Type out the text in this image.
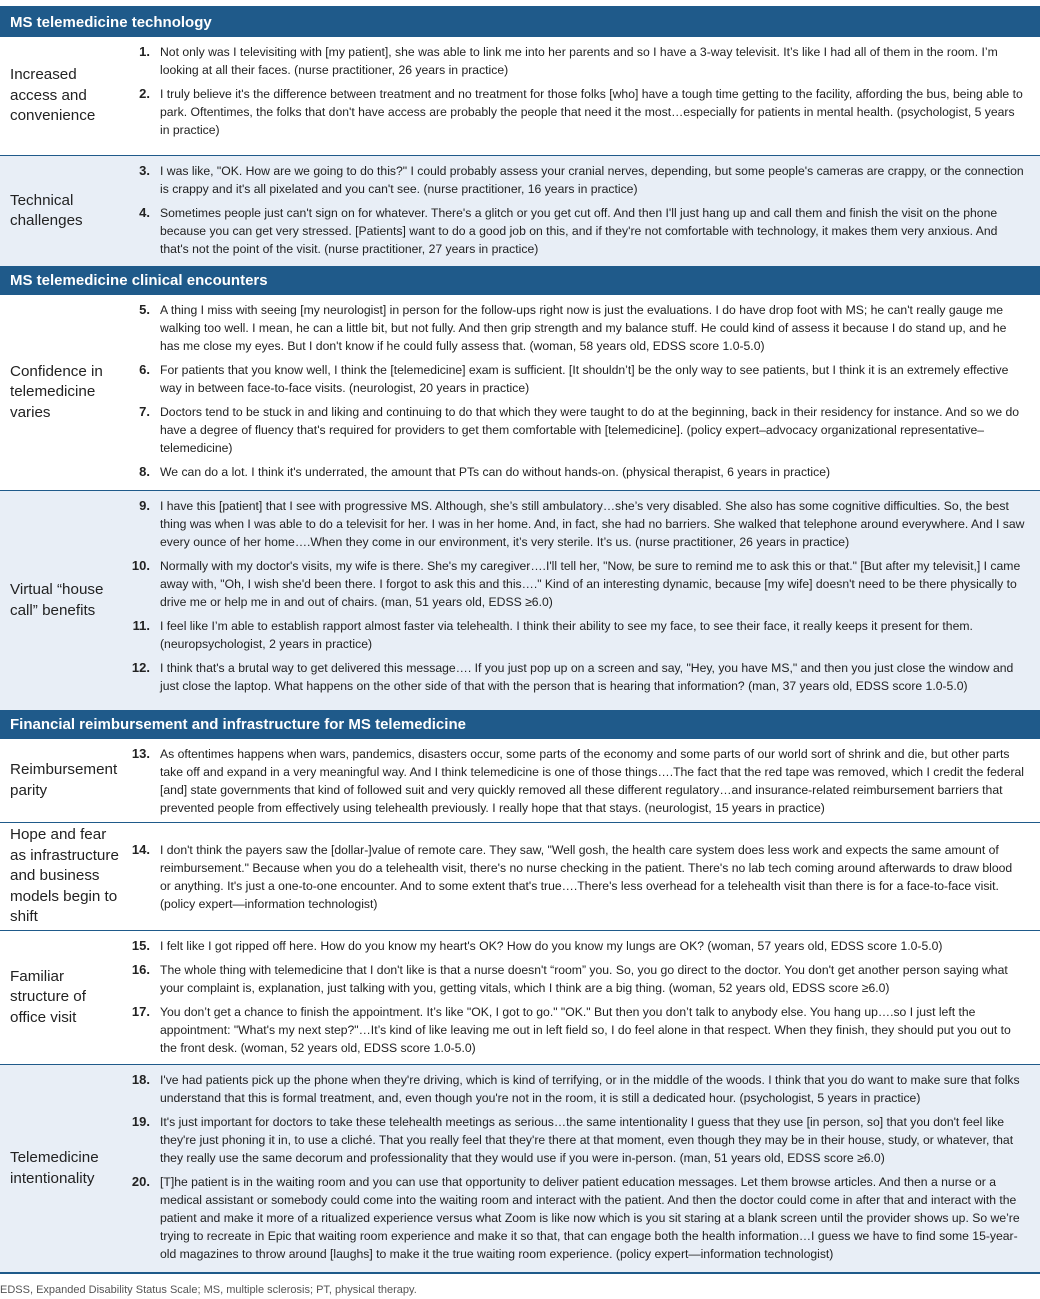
MS telemedicine technology
Increased access and convenience
1. Not only was I televisiting with [my patient], she was able to link me into her parents and so I have a 3-way televisit. It’s like I had all of them in the room. I’m looking at all their faces. (nurse practitioner, 26 years in practice)
2. I truly believe it's the difference between treatment and no treatment for those folks [who] have a tough time getting to the facility, affording the bus, being able to park. Oftentimes, the folks that don't have access are probably the people that need it the most…especially for patients in mental health. (psychologist, 5 years in practice)
Technical challenges
3. I was like, "OK. How are we going to do this?" I could probably assess your cranial nerves, depending, but some people's cameras are crappy, or the connection is crappy and it's all pixelated and you can't see. (nurse practitioner, 16 years in practice)
4. Sometimes people just can't sign on for whatever. There's a glitch or you get cut off. And then I'll just hang up and call them and finish the visit on the phone because you can get very stressed. [Patients] want to do a good job on this, and if they're not comfortable with technology, it makes them very anxious. And that's not the point of the visit. (nurse practitioner, 27 years in practice)
MS telemedicine clinical encounters
Confidence in telemedicine varies
5. A thing I miss with seeing [my neurologist] in person for the follow-ups right now is just the evaluations. I do have drop foot with MS; he can't really gauge me walking too well. I mean, he can a little bit, but not fully. And then grip strength and my balance stuff. He could kind of assess it because I do stand up, and he has me close my eyes. But I don't know if he could fully assess that. (woman, 58 years old, EDSS score 1.0-5.0)
6. For patients that you know well, I think the [telemedicine] exam is sufficient. [It shouldn’t] be the only way to see patients, but I think it is an extremely effective way in between face-to-face visits. (neurologist, 20 years in practice)
7. Doctors tend to be stuck in and liking and continuing to do that which they were taught to do at the beginning, back in their residency for instance. And so we do have a degree of fluency that's required for providers to get them comfortable with [telemedicine]. (policy expert–advocacy organizational representative–telemedicine)
8. We can do a lot. I think it's underrated, the amount that PTs can do without hands-on. (physical therapist, 6 years in practice)
Virtual “house call” benefits
9. I have this [patient] that I see with progressive MS. Although, she’s still ambulatory…she’s very disabled. She also has some cognitive difficulties. So, the best thing was when I was able to do a televisit for her. I was in her home. And, in fact, she had no barriers. She walked that telephone around everywhere. And I saw every ounce of her home….When they come in our environment, it’s very sterile. It’s us. (nurse practitioner, 26 years in practice)
10. Normally with my doctor's visits, my wife is there. She's my caregiver….I'll tell her, "Now, be sure to remind me to ask this or that." [But after my televisit,] I came away with, "Oh, I wish she'd been there. I forgot to ask this and this…." Kind of an interesting dynamic, because [my wife] doesn't need to be there physically to drive me or help me in and out of chairs. (man, 51 years old, EDSS ≥6.0)
11. I feel like I’m able to establish rapport almost faster via telehealth. I think their ability to see my face, to see their face, it really keeps it present for them. (neuropsychologist, 2 years in practice)
12. I think that's a brutal way to get delivered this message…. If you just pop up on a screen and say, "Hey, you have MS," and then you just close the window and just close the laptop. What happens on the other side of that with the person that is hearing that information? (man, 37 years old, EDSS score 1.0-5.0)
Financial reimbursement and infrastructure for MS telemedicine
Reimbursement parity
13. As oftentimes happens when wars, pandemics, disasters occur, some parts of the economy and some parts of our world sort of shrink and die, but other parts take off and expand in a very meaningful way. And I think telemedicine is one of those things….The fact that the red tape was removed, which I credit the federal [and] state governments that kind of followed suit and very quickly removed all these different regulatory…and insurance-related reimbursement barriers that prevented people from effectively using telehealth previously. I really hope that that stays. (neurologist, 15 years in practice)
Hope and fear as infrastructure and business models begin to shift
14. I don't think the payers saw the [dollar-]value of remote care. They saw, "Well gosh, the health care system does less work and expects the same amount of reimbursement." Because when you do a telehealth visit, there's no nurse checking in the patient. There's no lab tech coming around afterwards to draw blood or anything. It's just a one-to-one encounter. And to some extent that's true….There's less overhead for a telehealth visit than there is for a face-to-face visit. (policy expert—information technologist)
Familiar structure of office visit
15. I felt like I got ripped off here. How do you know my heart's OK? How do you know my lungs are OK? (woman, 57 years old, EDSS score 1.0-5.0)
16. The whole thing with telemedicine that I don't like is that a nurse doesn't “room” you. So, you go direct to the doctor. You don't get another person saying what your complaint is, explanation, just talking with you, getting vitals, which I think are a big thing. (woman, 52 years old, EDSS score ≥6.0)
17. You don’t get a chance to finish the appointment. It’s like "OK, I got to go." "OK." But then you don’t talk to anybody else. You hang up….so I just left the appointment: "What's my next step?"…It’s kind of like leaving me out in left field so, I do feel alone in that respect. When they finish, they should put you out to the front desk. (woman, 52 years old, EDSS score 1.0-5.0)
Telemedicine intentionality
18. I've had patients pick up the phone when they're driving, which is kind of terrifying, or in the middle of the woods. I think that you do want to make sure that folks understand that this is formal treatment, and, even though you're not in the room, it is still a dedicated hour. (psychologist, 5 years in practice)
19. It's just important for doctors to take these telehealth meetings as serious…the same intentionality I guess that they use [in person, so] that you don't feel like they're just phoning it in, to use a cliché. That you really feel that they're there at that moment, even though they may be in their house, study, or whatever, that they really use the same decorum and professionality that they would use if you were in-person. (man, 51 years old, EDSS score ≥6.0)
20. [T]he patient is in the waiting room and you can use that opportunity to deliver patient education messages. Let them browse articles. And then a nurse or a medical assistant or somebody could come into the waiting room and interact with the patient. And then the doctor could come in after that and interact with the patient and make it more of a ritualized experience versus what Zoom is like now which is you sit staring at a blank screen until the provider shows up. So we’re trying to recreate in Epic that waiting room experience and make it so that, that can engage both the health information…I guess we have to find some 15-year-old magazines to throw around [laughs] to make it the true waiting room experience. (policy expert—information technologist)
EDSS, Expanded Disability Status Scale; MS, multiple sclerosis; PT, physical therapy.
